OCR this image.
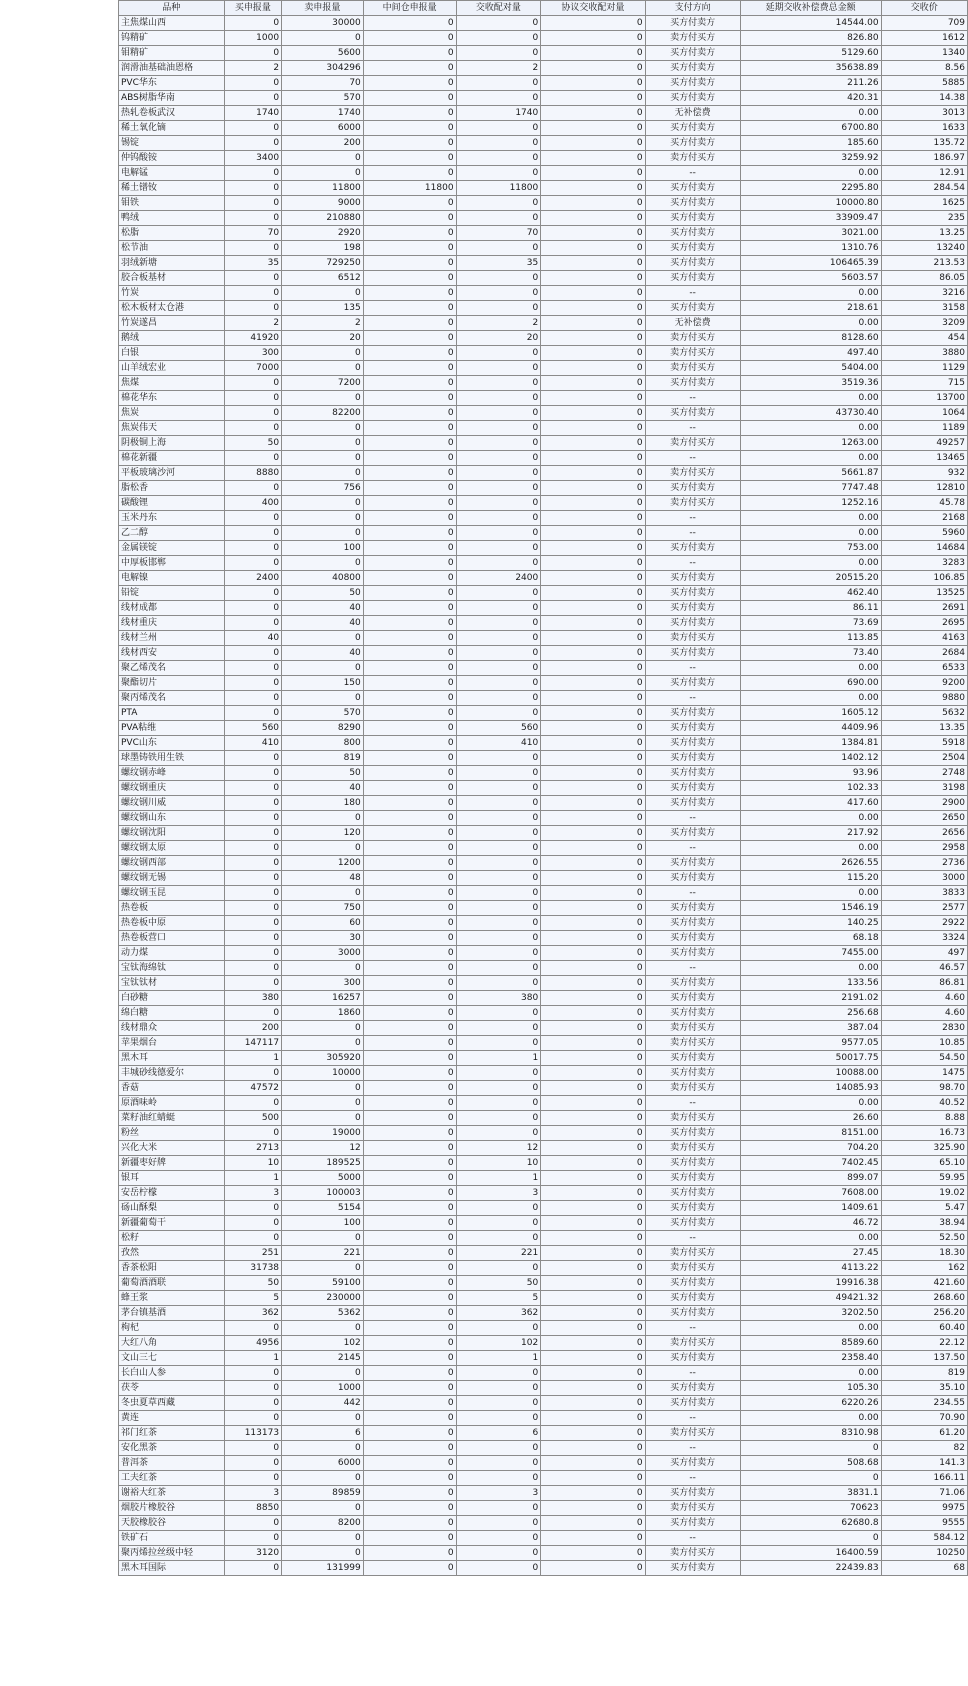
品种	买申报量	卖申报量	中间仓申报量	交收配对量	协议交收配对量	支付方向	延期交收补偿费总金额	交收价
主焦煤山西	0	30000	0	0	0	买方付卖方	14544.00	709
钨精矿	1000	0	0	0	0	卖方付买方	826.80	1612
钼精矿	0	5600	0	0	0	买方付卖方	5129.60	1340
润滑油基础油恩格	2	304296	0	2	0	买方付卖方	35638.89	8.56
PVC华东	0	70	0	0	0	买方付卖方	211.26	5885
ABS树脂华南	0	570	0	0	0	买方付卖方	420.31	14.38
热轧卷板武汉	1740	1740	0	1740	0	无补偿费	0.00	3013
稀土氧化镝	0	6000	0	0	0	买方付卖方	6700.80	1633
锡锭	0	200	0	0	0	买方付卖方	185.60	135.72
仲钨酸铵	3400	0	0	0	0	卖方付买方	3259.92	186.97
电解锰	0	0	0	0	0	--	0.00	12.91
稀土镨钕	0	11800	11800	11800	0	买方付卖方	2295.80	284.54
钼铁	0	9000	0	0	0	买方付卖方	10000.80	1625
鸭绒	0	210880	0	0	0	买方付卖方	33909.47	235
松脂	70	2920	0	70	0	买方付卖方	3021.00	13.25
松节油	0	198	0	0	0	买方付卖方	1310.76	13240
羽绒新塘	35	729250	0	35	0	买方付卖方	106465.39	213.53
胶合板基材	0	6512	0	0	0	买方付卖方	5603.57	86.05
竹炭	0	0	0	0	0	--	0.00	3216
松木板材太仓港	0	135	0	0	0	买方付卖方	218.61	3158
竹炭遂昌	2	2	0	2	0	无补偿费	0.00	3209
鹅绒	41920	20	0	20	0	卖方付买方	8128.60	454
白银	300	0	0	0	0	卖方付买方	497.40	3880
山羊绒宏业	7000	0	0	0	0	卖方付买方	5404.00	1129
焦煤	0	7200	0	0	0	买方付卖方	3519.36	715
棉花华东	0	0	0	0	0	--	0.00	13700
焦炭	0	82200	0	0	0	买方付卖方	43730.40	1064
焦炭伟天	0	0	0	0	0	--	0.00	1189
阴极铜上海	50	0	0	0	0	卖方付买方	1263.00	49257
棉花新疆	0	0	0	0	0	--	0.00	13465
平板玻璃沙河	8880	0	0	0	0	卖方付买方	5661.87	932
脂松香	0	756	0	0	0	买方付卖方	7747.48	12810
碳酸锂	400	0	0	0	0	卖方付买方	1252.16	45.78
玉米丹东	0	0	0	0	0	--	0.00	2168
乙二醇	0	0	0	0	0	--	0.00	5960
金属镁锭	0	100	0	0	0	买方付卖方	753.00	14684
中厚板邯郸	0	0	0	0	0	--	0.00	3283
电解镍	2400	40800	0	2400	0	买方付卖方	20515.20	106.85
铅锭	0	50	0	0	0	买方付卖方	462.40	13525
线材成都	0	40	0	0	0	买方付卖方	86.11	2691
线材重庆	0	40	0	0	0	买方付卖方	73.69	2695
线材兰州	40	0	0	0	0	卖方付买方	113.85	4163
线材西安	0	40	0	0	0	买方付卖方	73.40	2684
聚乙烯茂名	0	0	0	0	0	--	0.00	6533
聚酯切片	0	150	0	0	0	买方付卖方	690.00	9200
聚丙烯茂名	0	0	0	0	0	--	0.00	9880
PTA	0	570	0	0	0	买方付卖方	1605.12	5632
PVA粘维	560	8290	0	560	0	买方付卖方	4409.96	13.35
PVC山东	410	800	0	410	0	买方付卖方	1384.81	5918
球墨铸铁用生铁	0	819	0	0	0	买方付卖方	1402.12	2504
螺纹钢赤峰	0	50	0	0	0	买方付卖方	93.96	2748
螺纹钢重庆	0	40	0	0	0	买方付卖方	102.33	3198
螺纹钢川威	0	180	0	0	0	买方付卖方	417.60	2900
螺纹钢山东	0	0	0	0	0	--	0.00	2650
螺纹钢沈阳	0	120	0	0	0	买方付卖方	217.92	2656
螺纹钢太原	0	0	0	0	0	--	0.00	2958
螺纹钢西部	0	1200	0	0	0	买方付卖方	2626.55	2736
螺纹钢无锡	0	48	0	0	0	买方付卖方	115.20	3000
螺纹钢玉昆	0	0	0	0	0	--	0.00	3833
热卷板	0	750	0	0	0	买方付卖方	1546.19	2577
热卷板中原	0	60	0	0	0	买方付卖方	140.25	2922
热卷板营口	0	30	0	0	0	买方付卖方	68.18	3324
动力煤	0	3000	0	0	0	买方付卖方	7455.00	497
宝钛海绵钛	0	0	0	0	0	--	0.00	46.57
宝钛钛材	0	300	0	0	0	买方付卖方	133.56	86.81
白砂糖	380	16257	0	380	0	买方付卖方	2191.02	4.60
绵白糖	0	1860	0	0	0	买方付卖方	256.68	4.60
线材鼎众	200	0	0	0	0	卖方付买方	387.04	2830
苹果烟台	147117	0	0	0	0	卖方付买方	9577.05	10.85
黑木耳	1	305920	0	1	0	买方付卖方	50017.75	54.50
丰城砂线德爱尔	0	10000	0	0	0	买方付卖方	10088.00	1475
香菇	47572	0	0	0	0	卖方付买方	14085.93	98.70
原酒味岭	0	0	0	0	0	--	0.00	40.52
菜籽油红蜻蜓	500	0	0	0	0	卖方付买方	26.60	8.88
粉丝	0	19000	0	0	0	买方付卖方	8151.00	16.73
兴化大米	2713	12	0	12	0	卖方付买方	704.20	325.90
新疆枣好牌	10	189525	0	10	0	买方付卖方	7402.45	65.10
银耳	1	5000	0	1	0	买方付卖方	899.07	59.95
安岳柠檬	3	100003	0	3	0	买方付卖方	7608.00	19.02
砀山酥梨	0	5154	0	0	0	买方付卖方	1409.61	5.47
新疆葡萄干	0	100	0	0	0	买方付卖方	46.72	38.94
松籽	0	0	0	0	0	--	0.00	52.50
孜然	251	221	0	221	0	卖方付买方	27.45	18.30
香茶松阳	31738	0	0	0	0	卖方付买方	4113.22	162
葡萄酒酒联	50	59100	0	50	0	买方付卖方	19916.38	421.60
蜂王浆	5	230000	0	5	0	买方付卖方	49421.32	268.60
茅台镇基酒	362	5362	0	362	0	买方付卖方	3202.50	256.20
枸杞	0	0	0	0	0	--	0.00	60.40
大红八角	4956	102	0	102	0	卖方付买方	8589.60	22.12
文山三七	1	2145	0	1	0	买方付卖方	2358.40	137.50
长白山人参	0	0	0	0	0	--	0.00	819
茯苓	0	1000	0	0	0	买方付卖方	105.30	35.10
冬虫夏草西藏	0	442	0	0	0	买方付卖方	6220.26	234.55
黄连	0	0	0	0	0	--	0.00	70.90
祁门红茶	113173	6	0	6	0	卖方付买方	8310.98	61.20
安化黑茶	0	0	0	0	0	--	0	82
普洱茶	0	6000	0	0	0	买方付卖方	508.68	141.3
工夫红茶	0	0	0	0	0	--	0	166.11
谢裕大红茶	3	89859	0	3	0	买方付卖方	3831.1	71.06
烟胶片橡胶谷	8850	0	0	0	0	卖方付买方	70623	9975
天胶橡胶谷	0	8200	0	0	0	买方付卖方	62680.8	9555
铁矿石	0	0	0	0	0	--	0	584.12
聚丙烯拉丝级中轻	3120	0	0	0	0	卖方付买方	16400.59	10250
黑木耳国际	0	131999	0	0	0	买方付卖方	22439.83	68
